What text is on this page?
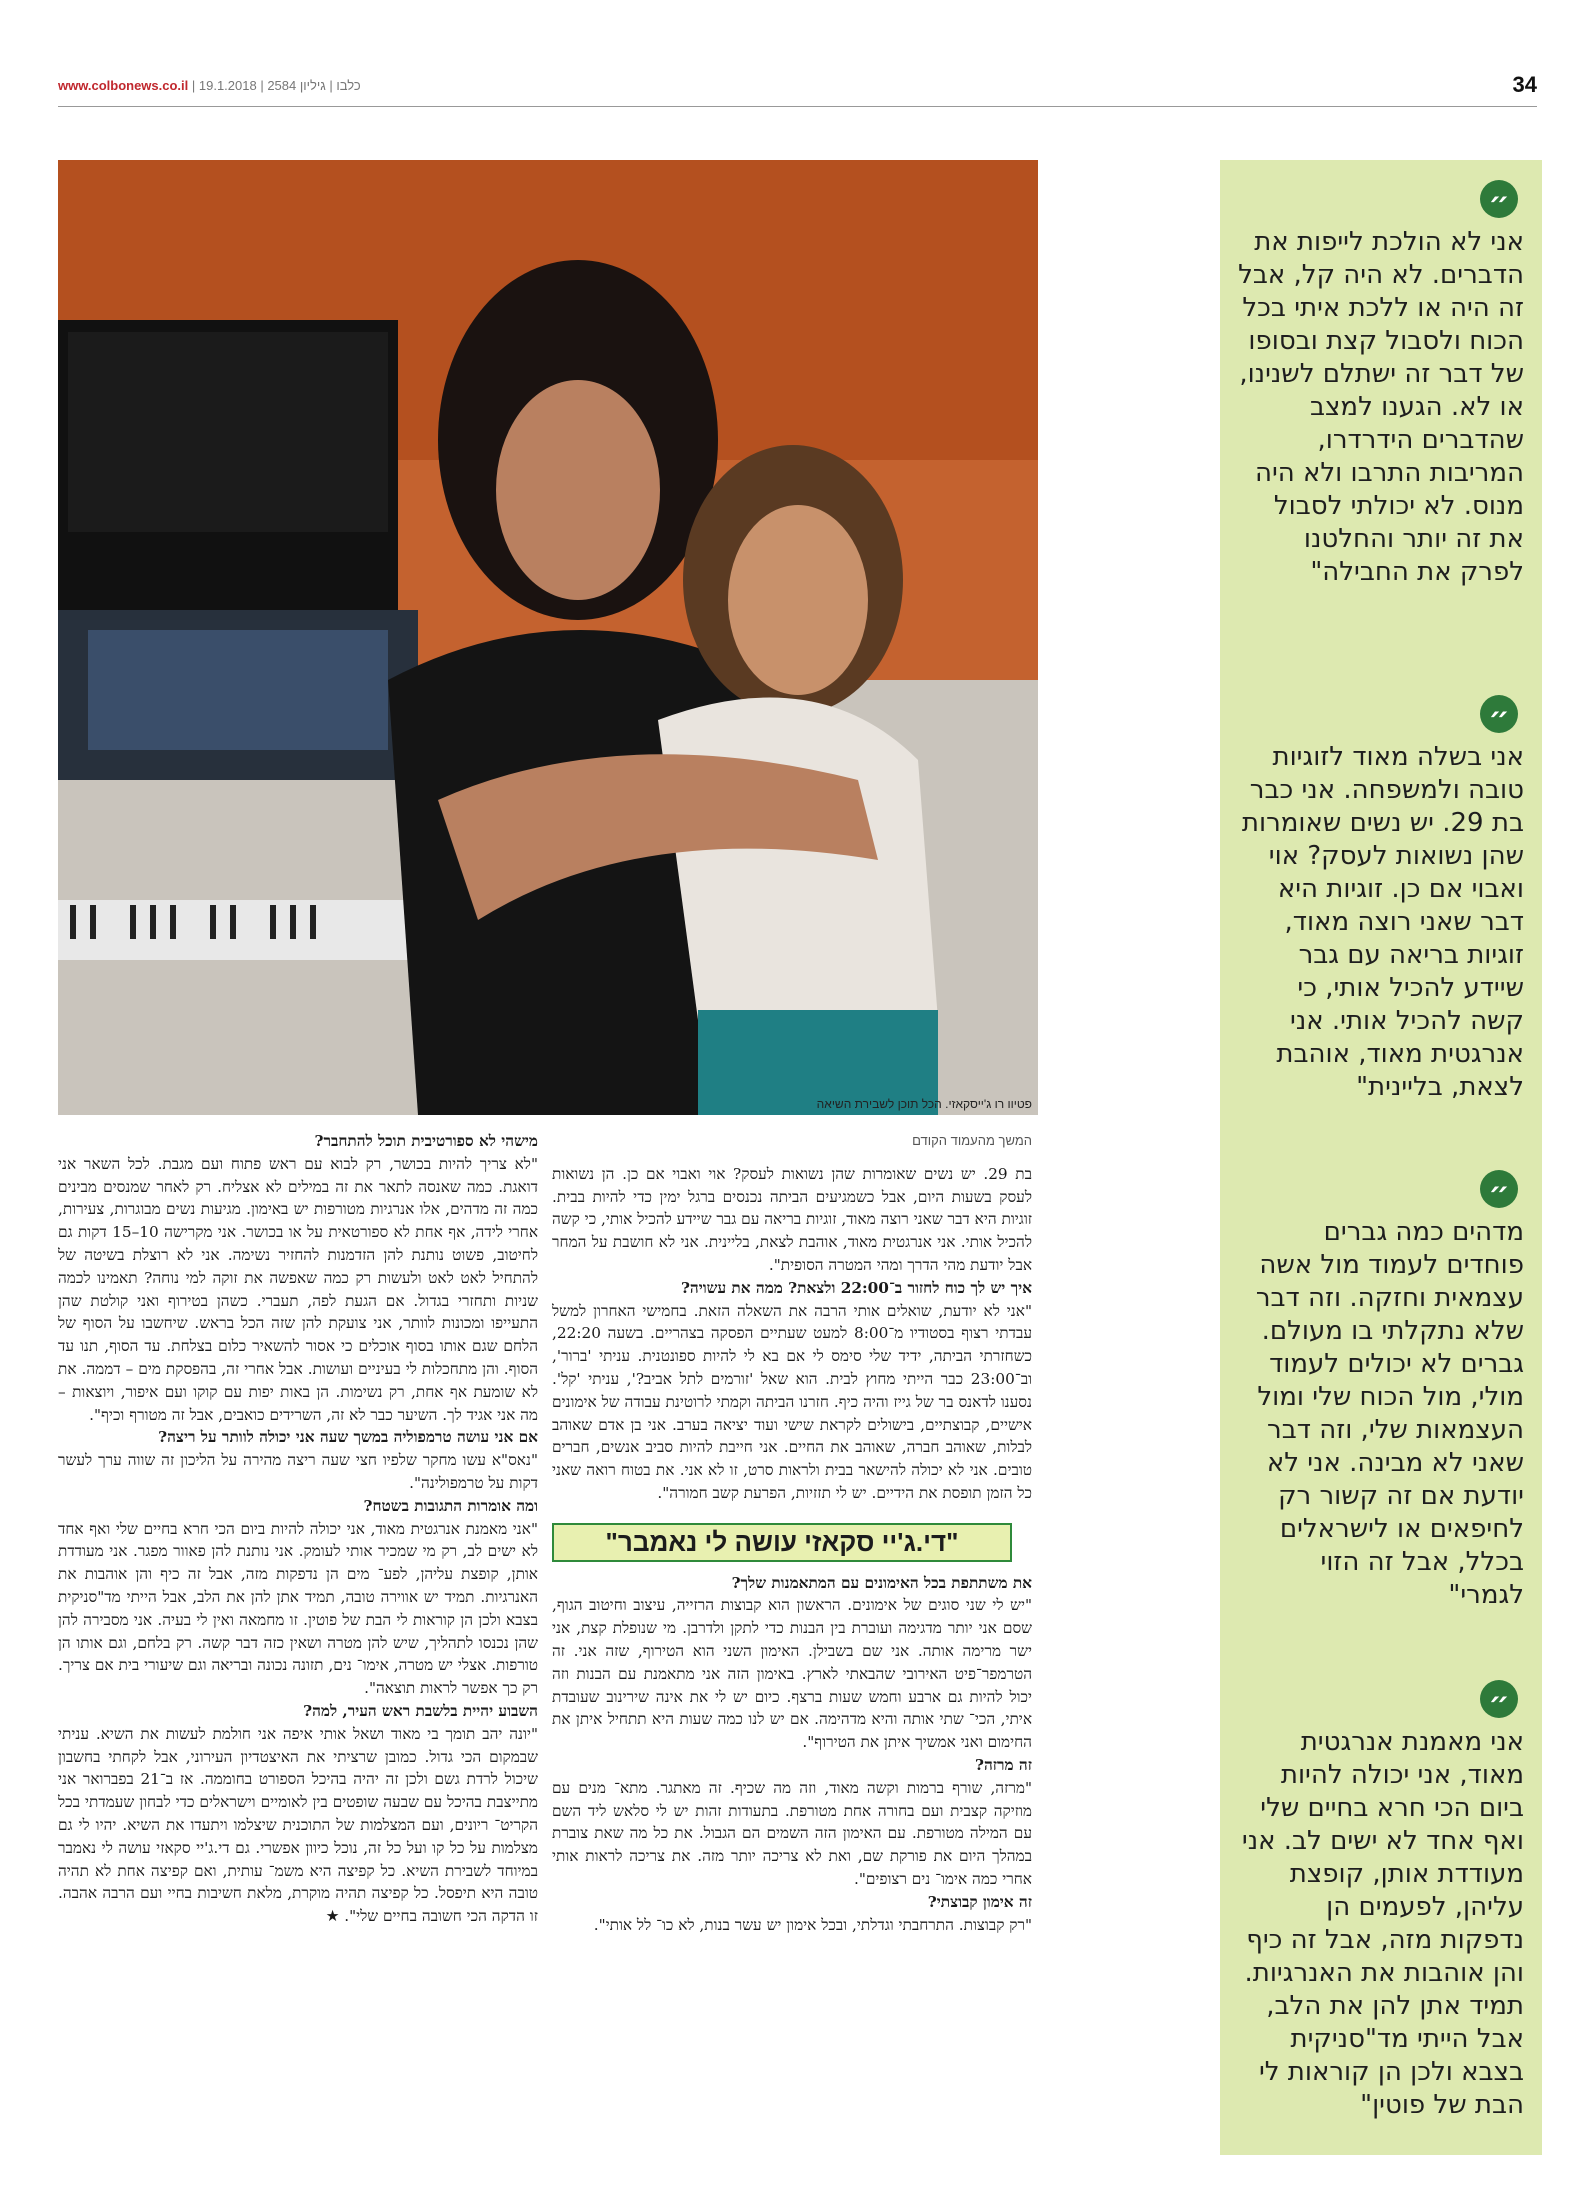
www.colbonews.co.il | כלבו | גיליון 2584 | 19.1.2018	34
פטיוו רו ג'ייסקאזי. הכל תוכן לשבירת השיאה
המשך מהעמוד הקודם

בת 29. יש נשים שאומרות שהן נשואות לעסק? אוי ואבוי אם כן. הן נשואות לעסק בשעות היום, אבל כשמגיעים הביתה נכנסים ברגל ימין כדי להיות בבית. זוגיות היא דבר שאני רוצה מאוד, זוגיות בריאה עם גבר שיידע להכיל אותי, כי קשה להכיל אותי. אני אנרגטית מאוד, אוהבת לצאת, בליינית. אני לא חושבת על המחר אבל יודעת מהי הדרך ומהי המטרה הסופית".

איך יש לך כוח לחזור ב־22:00 ולצאת? ממה את עשויה?

"אני לא יודעת, שואלים אותי הרבה את השאלה הזאת. בחמישי האחרון למשל עבדתי רצוף בסטודיו מ־8:00 למעט שעתיים הפסקה בצהריים. בשעה 22:20, כשחזרתי הביתה, ידיד שלי סימס לי אם בא לי להיות ספונטנית. עניתי 'ברור', וב־23:00 כבר הייתי מחוץ לבית. הוא שאל 'זורמים לתל אביב?', עניתי 'קל'. נסענו לדאנס בר של גייז והיה כיף. חזרנו הביתה וקמתי לרוטינת עבודה של אימונים אישיים, קבוצתיים, בישולים לקראת שישי ועוד יציאה בערב. אני בן אדם שאוהב לבלות, שאוהב חברה, שאוהב את החיים. אני חייבת להיות סביב אנשים, חברים טובים. אני לא יכולה להישאר בבית ולראות סרט, זו לא אני. את בטוח רואה שאני כל הזמן תופסת את הידיים. יש לי תזזיות, הפרעת קשב חמורה".

"די.ג'יי סקאזי עושה לי נאמבר"

את משתתפת בכל האימונים עם המתאמנות שלך?

"יש לי שני סוגים של אימונים. הראשון הוא קבוצות הרזייה, עיצוב וחיטוב הגוף, שסם אני יותר מדגימה ועוברת בין הבנות כדי לתקן ולדרבן. מי שנופלת קצת, אני ישר מרימה אותה. אני שם בשבילן. האימון השני הוא הטירוף, שזה אני. זה הטרמפר־פיט האירובי שהבאתי לארץ. באימון הזה אני מתאמנת עם הבנות וזה יכול להיות גם ארבע וחמש שעות ברצף. כיום יש לי את אינה שירינוב שעובדת איתי, הכי־ שתי אותה והיא מדהימה. אם יש לנו כמה שעות היא תתחיל איתן את החימום ואני אמשיך איתן את הטירוף".

זה מרזה?

"מרזה, שורף ברמות וקשה מאוד, וזה מה שכיף. זה מאתגר. מתא־ מנים עם מוזיקה קצבית ועם בחורה אחת מטורפת. בתעודות זהות יש לי סלאש ליד השם עם המילה מטורפת. עם האימון הזה השמים הם הגבול. את כל מה שאת צוברת במהלך היום את פורקת שם, ואת לא צריכה יותר מזה. את צריכה לראות אותי אחרי כמה אימו־ נים רצופים".

זה אימון קבוצתי?

"רק קבוצות. התרחבתי וגדלתי, ובכל אימון יש עשר בנות, לא כו־ לל אותי".

מישהי לא ספורטיבית תוכל להתחבר?

"לא צריך להיות בכושר, רק לבוא עם ראש פתוח ועם מגבת. לכל השאר אני דואגת. כמה שאנסה לתאר את זה במילים לא אצליח. רק לאחר שמנסים מבינים כמה זה מדהים, אלו אנרגיות מטורפות יש באימון. מגיעות נשים מבוגרות, צעירות, אחרי לידה, אף אחת לא ספורטאית על או בכושר. אני מקרישה 10–15 דקות גם לחיטוב, פשוט נותנת להן הזדמנות להחזיר נשימה. אני לא רוצלת בשיטה של להתחיל לאט לאט ולעשות רק כמה שאפשה את זוקה למי נוחה? תאמינו לכמה שניות ותחזרי בגדול. אם הגעת לפה, תעברי. כשהן בטירוף ואני קולטת שהן התעייפו ומכונות לוותר, אני צועקת להן שזה הכל בראש. שיחשבו על הסוף של הלחם שגם אותו בסוף אוכלים כי אסור להשאיר כלום בצלחת. עד הסוף, תנו עד הסוף. והן מתחכלות לי בעיניים ועושות. אבל אחרי זה, בהפסקת מים – דממה. את לא שומעת אף אחת, רק נשימות. הן באות יפות עם קוקו ועם איפור, ויוצאות – מה אני אגיד לך. השיער כבר לא זה, השרידים כואבים, אבל זה מטורף וכיף".

אם אני עושה טרמפוליה במשך שעה אני יכולה לוותר על ריצה?

"נאס"א עשו מחקר שלפיו חצי שעה ריצה מהירה על הליכון זה שווה ערך לעשר דקות על טרמפולינה".

ומה אומרות התגובות בשטח?

"אני מאמנת אנרגטית מאוד, אני יכולה להיות ביום הכי חרא בחיים שלי ואף אחד לא ישים לב, רק מי שמכיר אותי לעומק. אני נותנת להן פאוור מפגר. אני מעודדת אותן, קופצת עליהן, לפע־ מים הן נדפקות מזה, אבל זה כיף והן אוהבות את האנרגיות. תמיד יש אווירה טובה, תמיד אתן להן את הלב, אבל הייתי מד"סניקית בצבא ולכן הן קוראות לי הבת של פוטין. זו מחמאה ואין לי בעיה. אני מסבירה להן שהן נכנסו לתהליך, שיש להן מטרה ושאין כזה דבר קשה. רק בלחם, וגם אותו הן טורפות. אצלי יש מטרה, אימו־ נים, תזונה נכונה ובריאה וגם שיעורי בית אם צריך. רק כך אפשר לראות תוצאה".

השבוע יהיית בלשבת ראש העיר, למה?

"יונה יהב תומך בי מאוד ושאל אותי איפה אני חולמת לעשות את השיא. עניתי שבמקום הכי גדול. כמובן שרציתי את האיצטדיון העירוני, אבל לקחתי בחשבון שיכול לרדת גשם ולכן זה יהיה בהיכל הספורט בחוממה. אז ב־21 בפברואר אני מתייצבת בהיכל עם שבעה שופטים בין לאומיים וישראלים כדי לבחון שעמדתי בכל הקריט־ ריונים, ועם המצלמות של התוכנית שיצלמו ויתעדו את השיא. יהיו לי גם מצלמות על כל קו ועל כל זה, נוכל כיוון אפשרי. גם די.ג'יי סקאזי עושה לי נאמבר במיוחד לשבירת השיא. כל קפיצה היא משמ־ עותית, ואם קפיצה אחת לא תהיה טובה היא תיפסל. כל קפיצה תהיה מוקרת, מלאת חשיבות בחיי ועם הרבה אהבה. זו הדקה הכי חשובה בחיים שלי". ★

״
אני לא הולכת לייפות את הדברים. לא היה קל, אבל זה היה או ללכת איתי בכל הכוח ולסבול קצת ובסופו של דבר זה ישתלם לשנינו, או לא. הגענו למצב שהדברים הידרדרו, המריבות התרבו ולא היה מנוס. לא יכולתי לסבול את זה יותר והחלטנו לפרק את החבילה"
״
אני בשלה מאוד לזוגיות טובה ולמשפחה. אני כבר בת 29. יש נשים שאומרות שהן נשואות לעסק? אוי ואבוי אם כן. זוגיות היא דבר שאני רוצה מאוד, זוגיות בריאה עם גבר שיידע להכיל אותי, כי קשה להכיל אותי. אני אנרגטית מאוד, אוהבת לצאת, בליינית"
״
מדהים כמה גברים פוחדים לעמוד מול אשה עצמאית וחזקה. וזה דבר שלא נתקלתי בו מעולם. גברים לא יכולים לעמוד מולי, מול הכוח שלי ומול העצמאות שלי, וזה דבר שאני לא מבינה. אני לא יודעת אם זה קשור רק לחיפאים או לישראלים בכלל, אבל זה הזוי לגמרי"
״
אני מאמנת אנרגטית מאוד, אני יכולה להיות ביום הכי חרא בחיים שלי ואף אחד לא ישים לב. אני מעודדת אותן, קופצת עליהן, לפעמים הן נדפקות מזה, אבל זה כיף והן אוהבות את האנרגיות. תמיד אתן להן את הלב, אבל הייתי מד"סניקית בצבא ולכן הן קוראות לי הבת של פוטין"
